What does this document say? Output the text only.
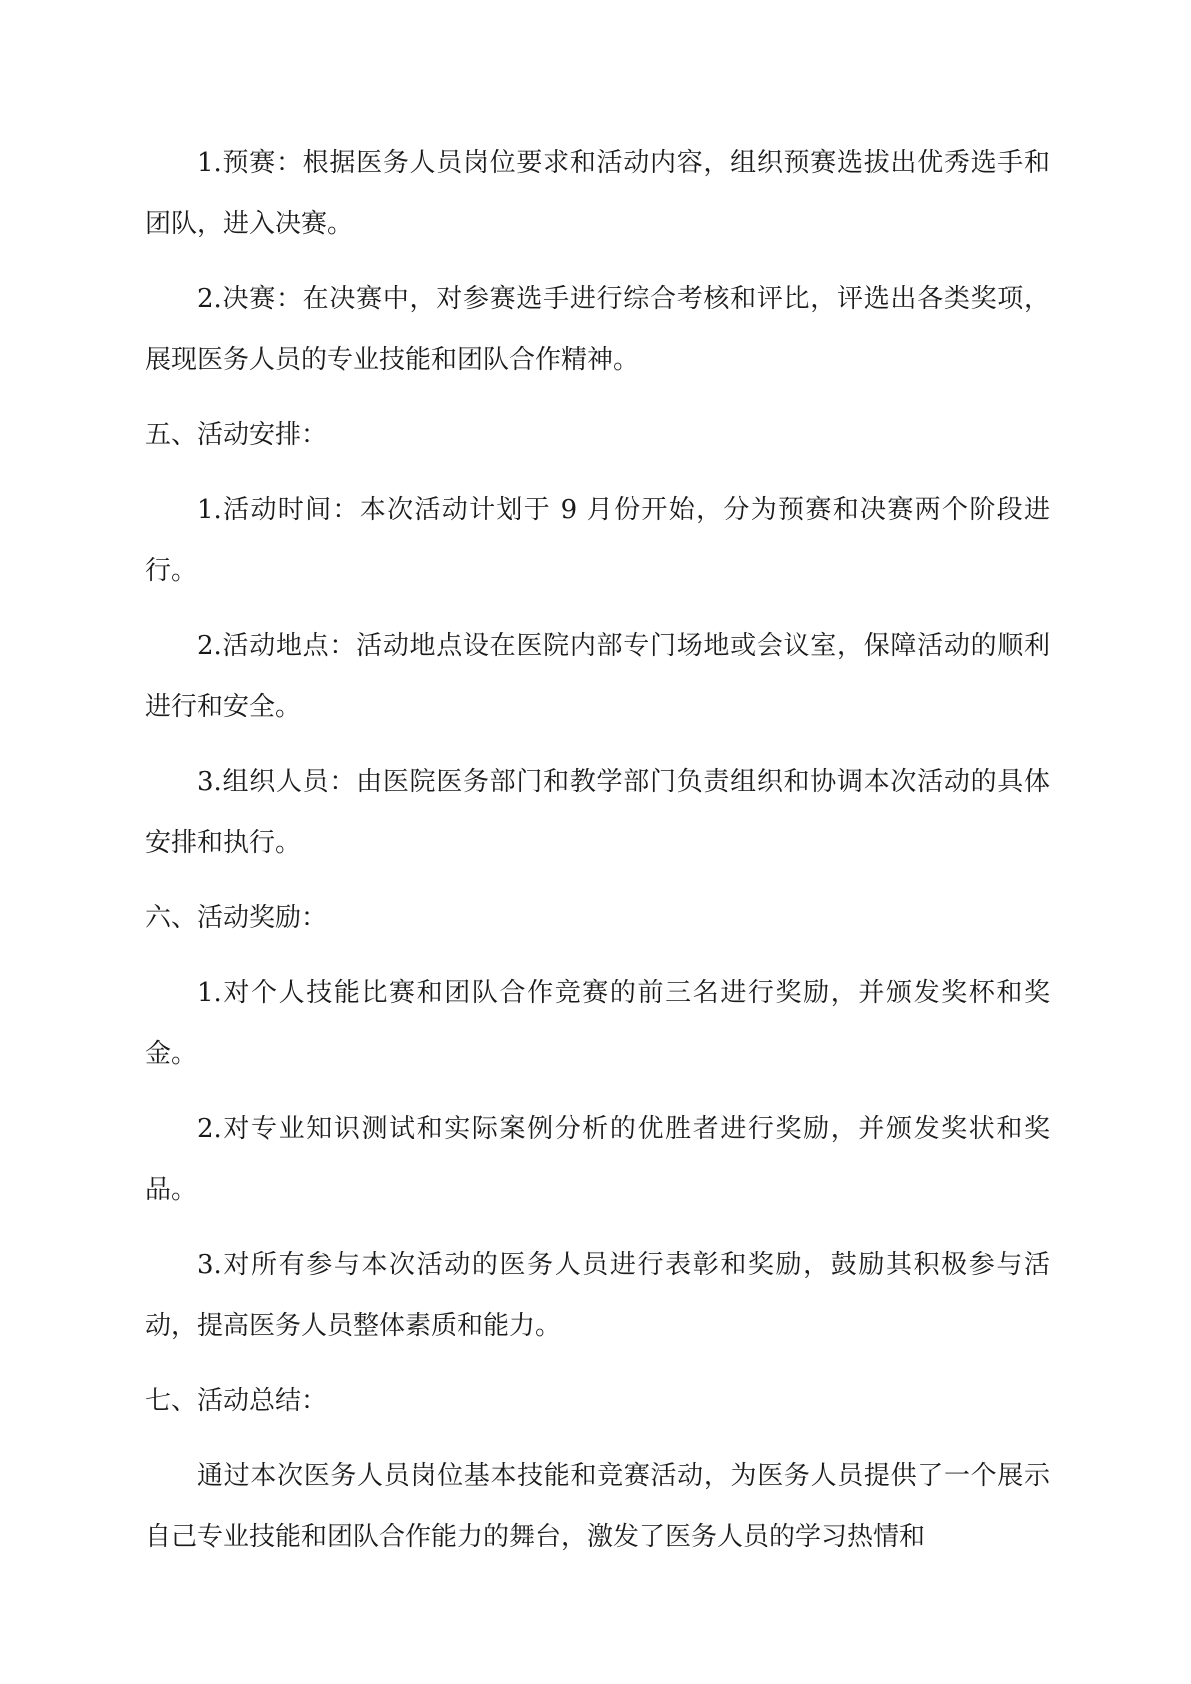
1.预赛：根据医务人员岗位要求和活动内容，组织预赛选拔出优秀选手和团队，进入决赛。

2.决赛：在决赛中，对参赛选手进行综合考核和评比，评选出各类奖项，展现医务人员的专业技能和团队合作精神。

五、活动安排：

1.活动时间：本次活动计划于 9 月份开始，分为预赛和决赛两个阶段进行。

2.活动地点：活动地点设在医院内部专门场地或会议室，保障活动的顺利进行和安全。

3.组织人员：由医院医务部门和教学部门负责组织和协调本次活动的具体安排和执行。

六、活动奖励：

1.对个人技能比赛和团队合作竞赛的前三名进行奖励，并颁发奖杯和奖金。

2.对专业知识测试和实际案例分析的优胜者进行奖励，并颁发奖状和奖品。

3.对所有参与本次活动的医务人员进行表彰和奖励，鼓励其积极参与活动，提高医务人员整体素质和能力。

七、活动总结：

通过本次医务人员岗位基本技能和竞赛活动，为医务人员提供了一个展示自己专业技能和团队合作能力的舞台，激发了医务人员的学习热情和
